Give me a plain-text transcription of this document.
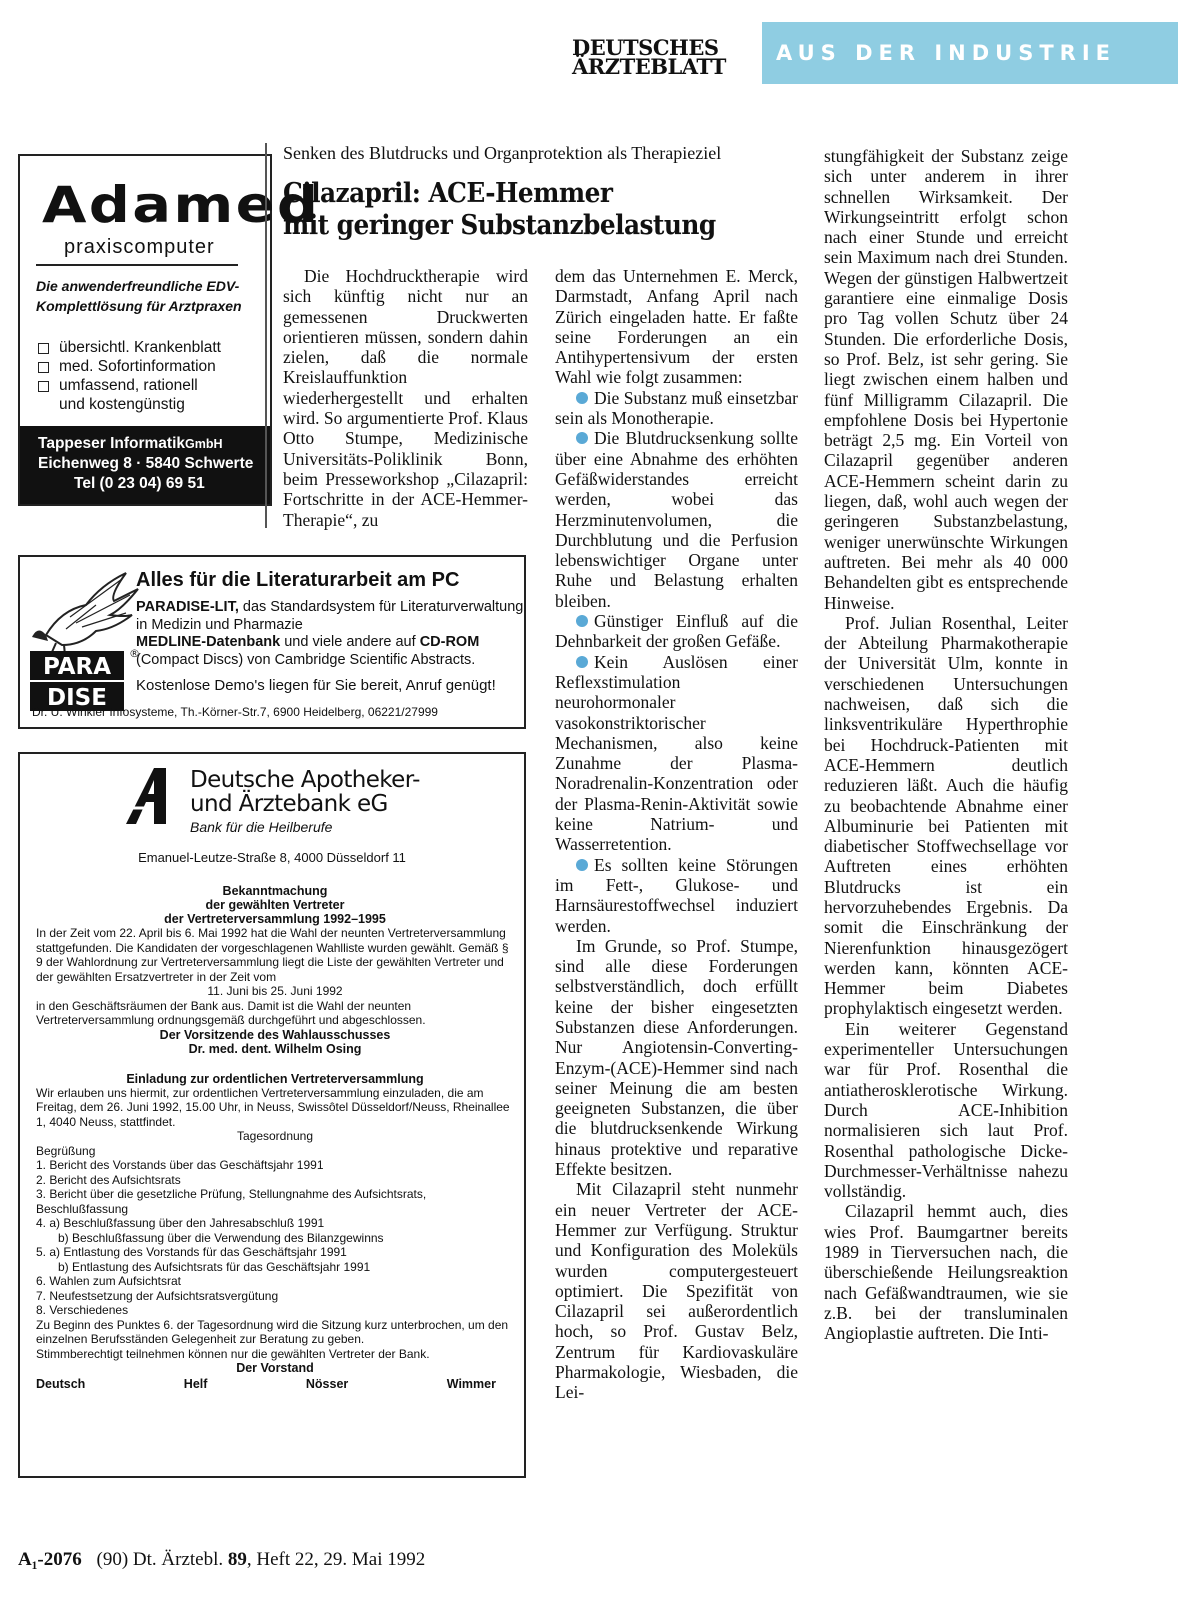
DEUTSCHES
ÄRZTEBLATT
AUS DER INDUSTRIE
Adamed
praxiscomputer
Die anwenderfreundliche EDV-Komplettlösung für Arztpraxen
übersichtl. Krankenblatt
med. Sofortinformation
umfassend, rationell und kostengünstig
Tappeser InformatikGmbH
Eichenweg 8 · 5840 Schwerte
Tel (0 23 04) 69 51
PARA
DISE
®
Alles für die Literaturarbeit am PC
PARADISE-LIT, das Standardsystem für Literaturverwaltung in Medizin und Pharmazie
MEDLINE-Datenbank und viele andere auf CD-ROM
(Compact Discs) von Cambridge Scientific Abstracts.
Kostenlose Demo's liegen für Sie bereit, Anruf genügt!
Dr. U. Winkler Infosysteme, Th.-Körner-Str.7, 6900 Heidelberg, 06221/27999
Deutsche Apotheker-
und Ärztebank eG
Bank für die Heilberufe
Emanuel-Leutze-Straße 8, 4000 Düsseldorf 11
Bekanntmachung
der gewählten Vertreter
der Vertreterversammlung 1992–1995

In der Zeit vom 22. April bis 6. Mai 1992 hat die Wahl der neunten Vertreterversammlung stattgefunden. Die Kandidaten der vorgeschlagenen Wahlliste wurden gewählt. Gemäß § 9 der Wahlordnung zur Vertreterversammlung liegt die Liste der gewählten Vertreter und der gewählten Ersatzvertreter in der Zeit vom

11. Juni bis 25. Juni 1992

in den Geschäftsräumen der Bank aus. Damit ist die Wahl der neunten Vertreterversammlung ordnungsgemäß durchgeführt und abgeschlossen.

Der Vorsitzende des Wahlausschusses
Dr. med. dent. Wilhelm Osing
Einladung zur ordentlichen Vertreterversammlung

Wir erlauben uns hiermit, zur ordentlichen Vertreterversammlung einzuladen, die am Freitag, dem 26. Juni 1992, 15.00 Uhr, in Neuss, Swissôtel Düsseldorf/Neuss, Rheinallee 1, 4040 Neuss, stattfindet.

Tagesordnung

Begrüßung
1. Bericht des Vorstands über das Geschäftsjahr 1991
2. Bericht des Aufsichtsrats
3. Bericht über die gesetzliche Prüfung, Stellungnahme des Aufsichtsrats, Beschlußfassung
4. a) Beschlußfassung über den Jahresabschluß 1991
b) Beschlußfassung über die Verwendung des Bilanzgewinns
5. a) Entlastung des Vorstands für das Geschäftsjahr 1991
b) Entlastung des Aufsichtsrats für das Geschäftsjahr 1991
6. Wahlen zum Aufsichtsrat
7. Neufestsetzung der Aufsichtsratsvergütung
8. Verschiedenes

Zu Beginn des Punktes 6. der Tagesordnung wird die Sitzung kurz unterbrochen, um den einzelnen Berufsständen Gelegenheit zur Beratung zu geben.

Stimmberechtigt teilnehmen können nur die gewählten Vertreter der Bank.

Der Vorstand
Deutsch	Helf	Nösser	Wimmer
Senken des Blutdrucks und Organprotektion als Therapieziel
Cilazapril: ACE-Hemmer
mit geringer Substanzbelastung

Die Hochdrucktherapie wird sich künftig nicht nur an gemessenen Druckwerten orientieren müssen, sondern dahin zielen, daß die normale Kreislauffunktion wiederhergestellt und erhalten wird. So argumentierte Prof. Klaus Otto Stumpe, Medizinische Universitäts-Poliklinik Bonn, beim Presseworkshop „Cilazapril: Fortschritte in der ACE-Hemmer-Therapie“, zu

dem das Unternehmen E. Merck, Darmstadt, Anfang April nach Zürich eingeladen hatte. Er faßte seine Forderungen an ein Antihypertensivum der ersten Wahl wie folgt zusammen:

Die Substanz muß einsetzbar sein als Monotherapie.

Die Blutdrucksenkung sollte über eine Abnahme des erhöhten Gefäßwiderstandes erreicht werden, wobei das Herzminutenvolumen, die Durchblutung und die Perfusion lebenswichtiger Organe unter Ruhe und Belastung erhalten bleiben.

Günstiger Einfluß auf die Dehnbarkeit der großen Gefäße.

Kein Auslösen einer Reflexstimulation neurohormonaler vasokonstriktorischer Mechanismen, also keine Zunahme der Plasma-Noradrenalin-Konzentration oder der Plasma-Renin-Aktivität sowie keine Natrium- und Wasserretention.

Es sollten keine Störungen im Fett-, Glukose- und Harnsäurestoffwechsel induziert werden.

Im Grunde, so Prof. Stumpe, sind alle diese Forderungen selbstverständlich, doch erfüllt keine der bisher eingesetzten Substanzen diese Anforderungen. Nur Angiotensin-Converting-Enzym-(ACE)-Hemmer sind nach seiner Meinung die am besten geeigneten Substanzen, die über die blutdrucksenkende Wirkung hinaus protektive und reparative Effekte besitzen.

Mit Cilazapril steht nunmehr ein neuer Vertreter der ACE-Hemmer zur Verfügung. Struktur und Konfiguration des Moleküls wurden computergesteuert optimiert. Die Spezifität von Cilazapril sei außerordentlich hoch, so Prof. Gustav Belz, Zentrum für Kardiovaskuläre Pharmakologie, Wiesbaden, die Lei-

stungfähigkeit der Substanz zeige sich unter anderem in ihrer schnellen Wirksamkeit. Der Wirkungseintritt erfolgt schon nach einer Stunde und erreicht sein Maximum nach drei Stunden. Wegen der günstigen Halbwertzeit garantiere eine einmalige Dosis pro Tag vollen Schutz über 24 Stunden. Die erforderliche Dosis, so Prof. Belz, ist sehr gering. Sie liegt zwischen einem halben und fünf Milligramm Cilazapril. Die empfohlene Dosis bei Hypertonie beträgt 2,5 mg. Ein Vorteil von Cilazapril gegenüber anderen ACE-Hemmern scheint darin zu liegen, daß, wohl auch wegen der geringeren Substanzbelastung, weniger unerwünschte Wirkungen auftreten. Bei mehr als 40 000 Behandelten gibt es entsprechende Hinweise.

Prof. Julian Rosenthal, Leiter der Abteilung Pharmakotherapie der Universität Ulm, konnte in verschiedenen Untersuchungen nachweisen, daß sich die linksventrikuläre Hyperthrophie bei Hochdruck-Patienten mit ACE-Hemmern deutlich reduzieren läßt. Auch die häufig zu beobachtende Abnahme einer Albuminurie bei Patienten mit diabetischer Stoffwechsellage vor Auftreten eines erhöhten Blutdrucks ist ein hervorzuhebendes Ergebnis. Da somit die Einschränkung der Nierenfunktion hinausgezögert werden kann, könnten ACE-Hemmer beim Diabetes prophylaktisch eingesetzt werden.

Ein weiterer Gegenstand experimenteller Untersuchungen war für Prof. Rosenthal die antiatherosklerotische Wirkung. Durch ACE-Inhibition normalisieren sich laut Prof. Rosenthal pathologische Dicke-Durchmesser-Verhältnisse nahezu vollständig.

Cilazapril hemmt auch, dies wies Prof. Baumgartner bereits 1989 in Tierversuchen nach, die überschießende Heilungsreaktion nach Gefäßwandtraumen, wie sie z.B. bei der transluminalen Angioplastie auftreten. Die Inti-

A₁-2076 (90) Dt. Ärztebl. 89, Heft 22, 29. Mai 1992
